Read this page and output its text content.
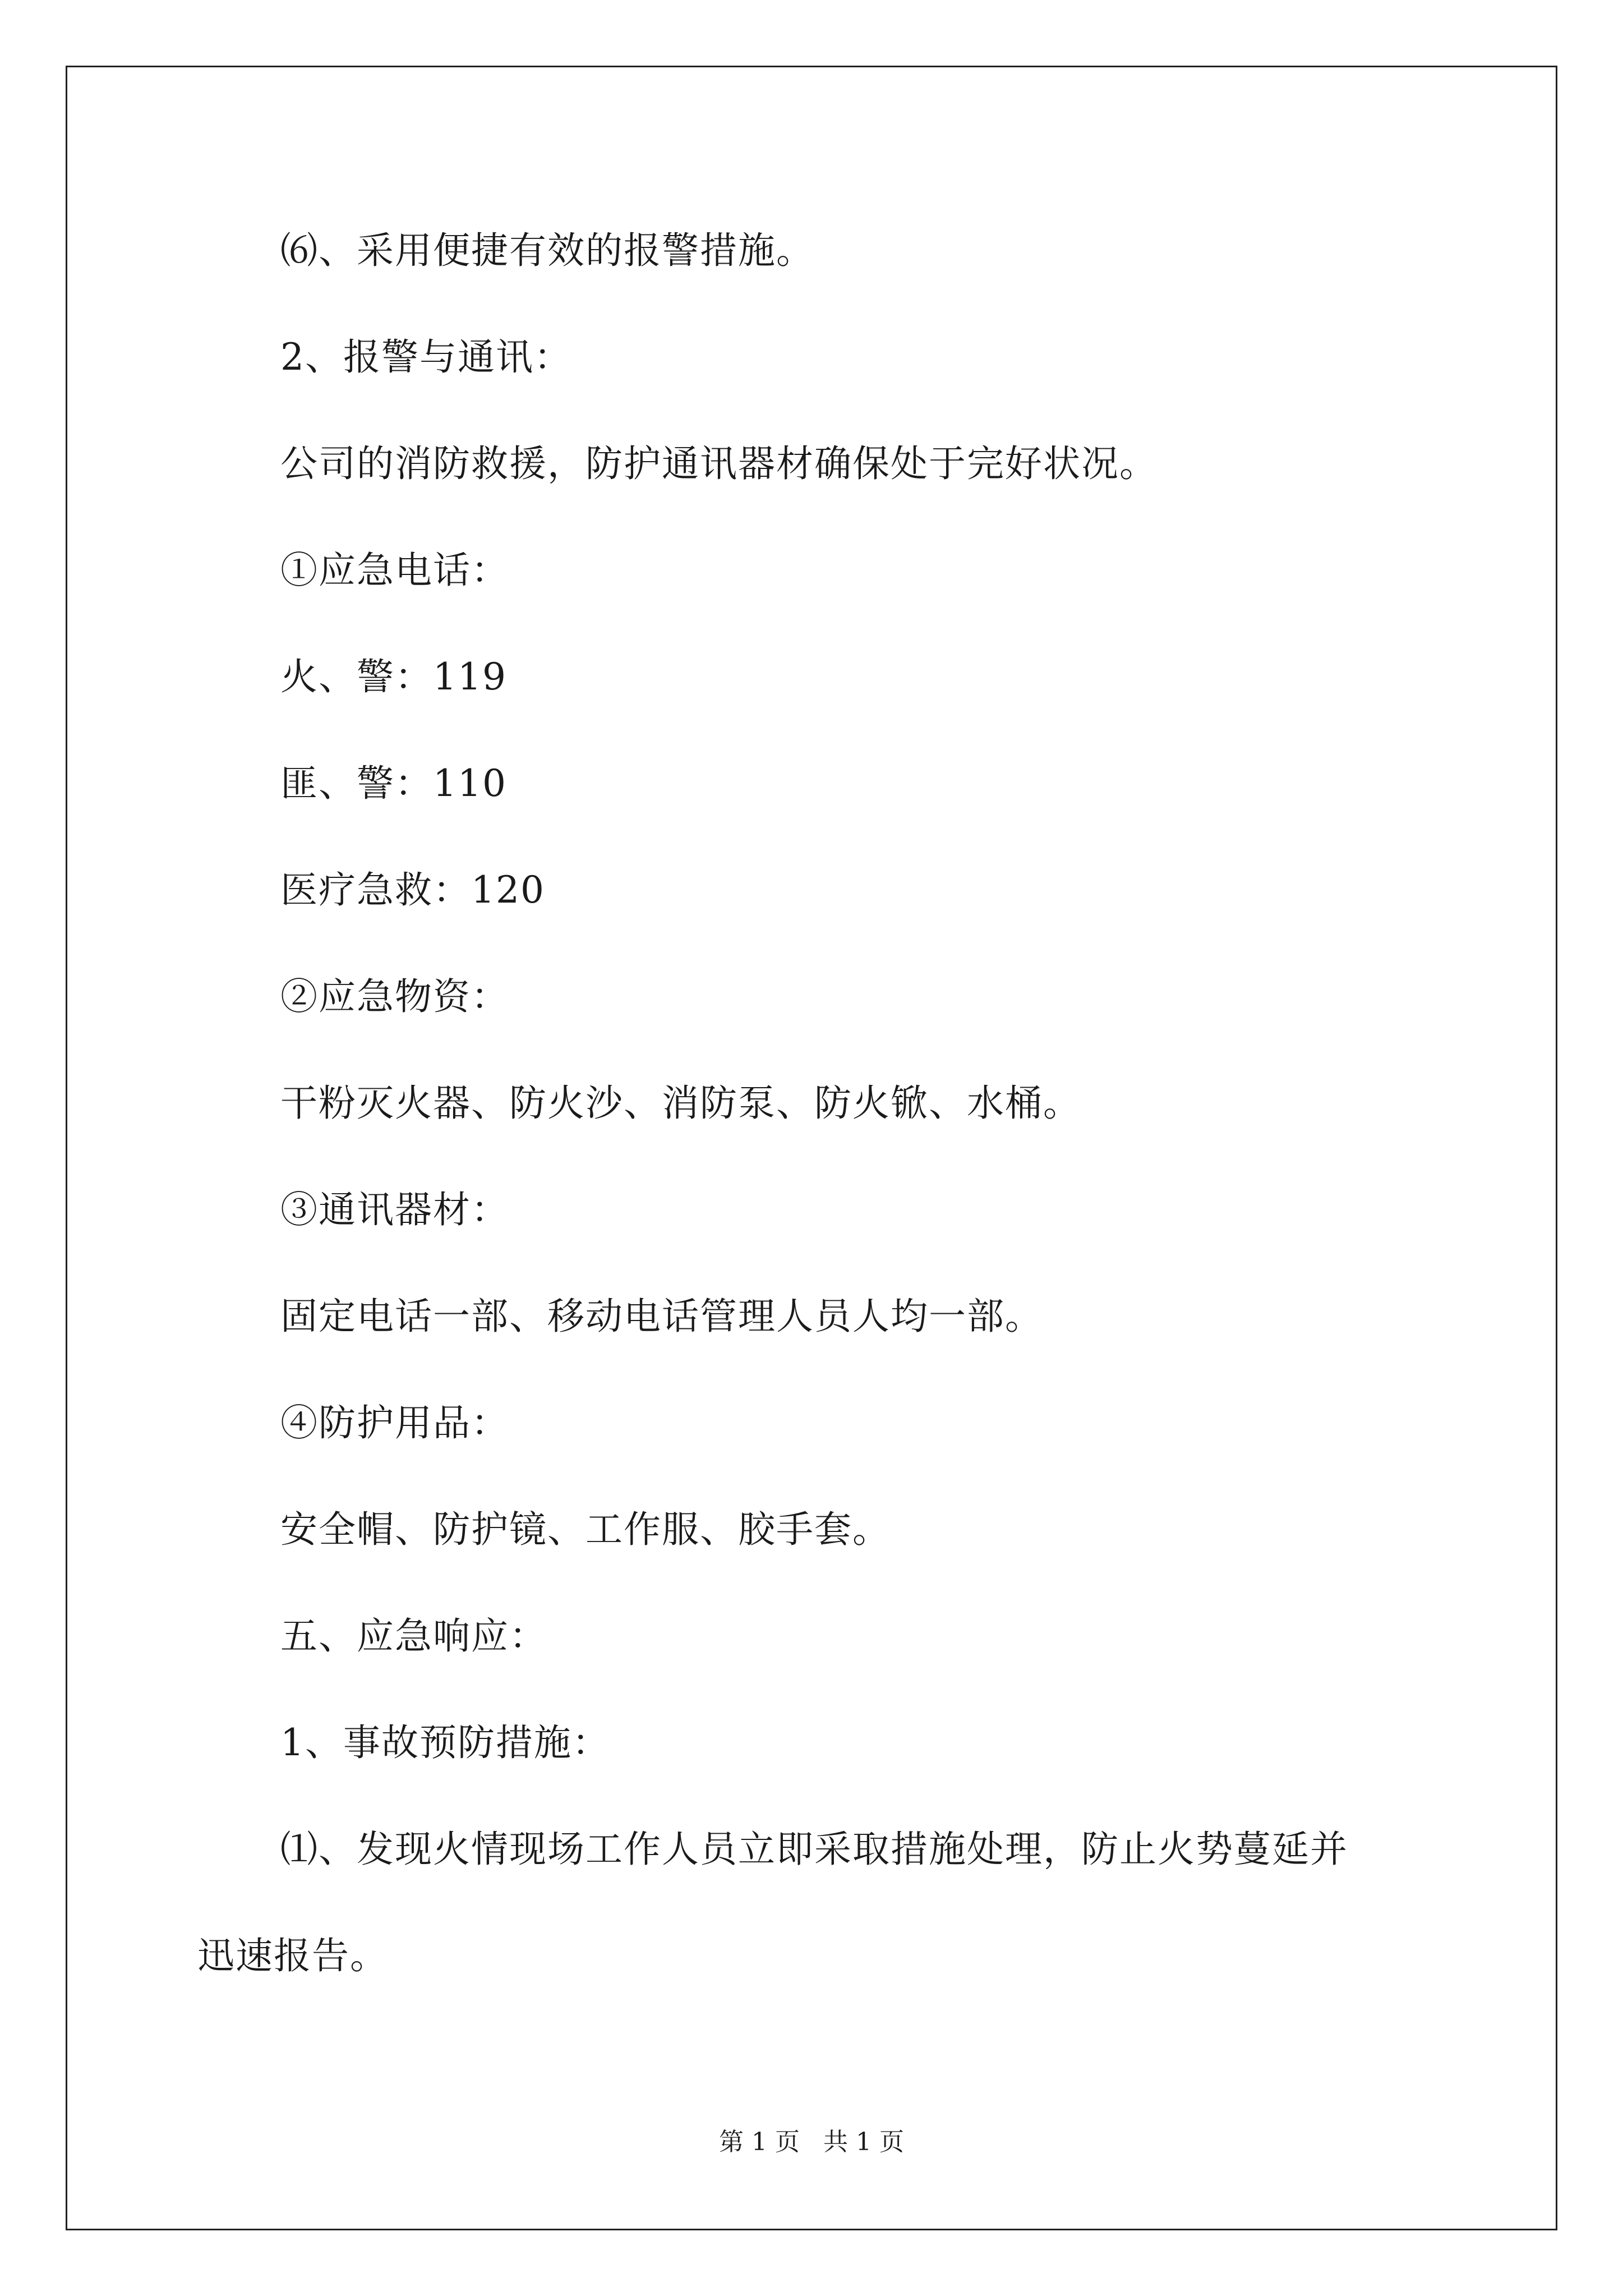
⑹、采用便捷有效的报警措施。

2、报警与通讯：

公司的消防救援，防护通讯器材确保处于完好状况。

①应急电话：

火、警：119

匪、警：110

医疗急救：120

②应急物资：

干粉灭火器、防火沙、消防泵、防火锨、水桶。

③通讯器材：

固定电话一部、移动电话管理人员人均一部。

④防护用品：

安全帽、防护镜、工作服、胶手套。

五、应急响应：

1、事故预防措施：

⑴、发现火情现场工作人员立即采取措施处理，防止火势蔓延并

迅速报告。

第 1 页   共 1 页
